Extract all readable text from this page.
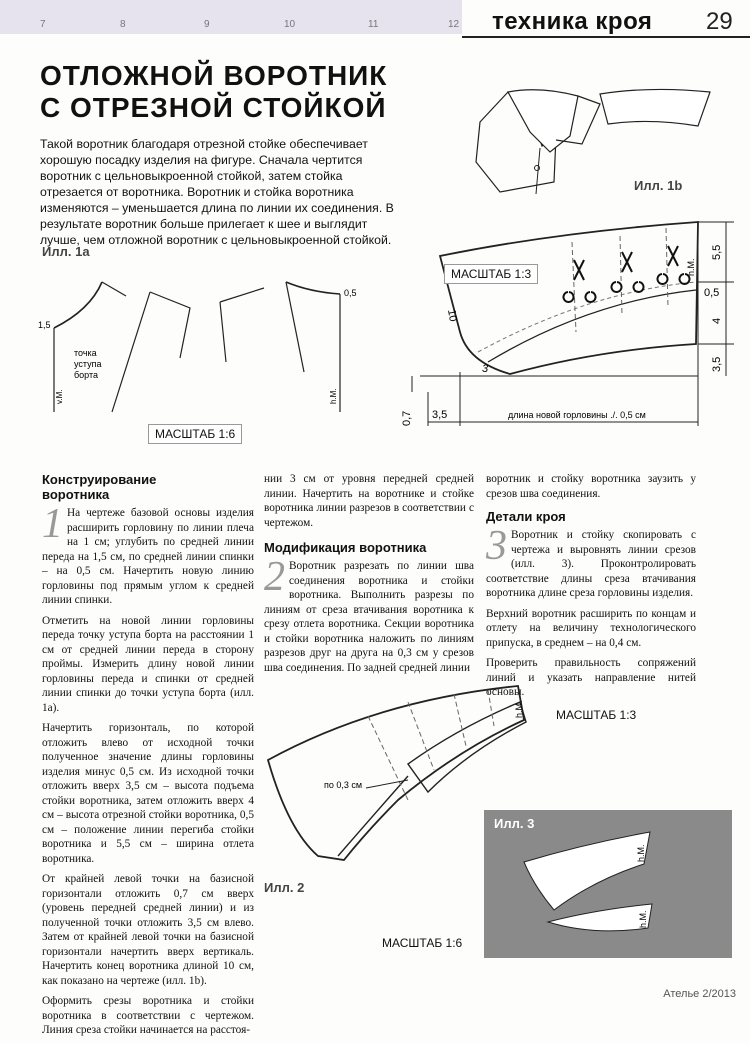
7	8	9	10	11	12 техника кроя 29
ОТЛОЖНОЙ ВОРОТНИК
С ОТРЕЗНОЙ СТОЙКОЙ
Такой воротник благодаря отрезной стойке обеспечивает хорошую посадку изделия на фигуре. Сначала чертится воротник с цельновыкроенной стойкой, затем стойка отрезается от воротника. Воротник и стойка воротника изменяются – уменьшается длина по линии их соединения. В результате воротник больше прилегает к шее и выглядит лучше, чем отложной воротник с цельновыкроенной стойкой.
Илл. 1b
Илл. 1а
1,5
0,5
точка
уступа
борта
v.M.	h.M.
МАСШТАБ 1:6
5,5
0,5
4
3,5
0,7 3,5
10
3
длина новой горловины ./. 0,5 см
h.M.
МАСШТАБ 1:3
Конструирование
воротника

1 На чертеже базовой основы изделия расширить горловину по линии плеча на 1 см; углубить по средней линии переда на 1,5 см, по средней линии спинки – на 0,5 см. Начертить новую линию горловины под прямым углом к средней линии спинки.

Отметить на новой линии горловины переда точку уступа борта на расстоянии 1 см от средней линии переда в сторону проймы. Измерить длину новой линии горловины переда и спинки от средней линии спинки до точки уступа борта (илл. 1а).

Начертить горизонталь, по которой отложить влево от исходной точки полученное значение длины горловины изделия минус 0,5 см. Из исходной точки отложить вверх 3,5 см – высота подъема стойки воротника, затем отложить вверх 4 см – высота отрезной стойки воротника, 0,5 см – положение линии перегиба стойки воротника и 5,5 см – ширина отлета воротника.

От крайней левой точки на базисной горизонтали отложить 0,7 см вверх (уровень передней средней линии) и из полученной точки отложить 3,5 см влево. Затем от крайней левой точки на базисной горизонтали начертить вверх вертикаль. Начертить конец воротника длиной 10 см, как показано на чертеже (илл. 1b).

Оформить срезы воротника и стойки воротника в соответствии с чертежом. Линия среза стойки начинается на расстоя-

нии 3 см от уровня передней средней линии. Начертить на воротнике и стойке воротника линии разрезов в соответствии с чертежом.

Модификация воротника

2 Воротник разрезать по линии шва соединения воротника и стойки воротника. Выполнить разрезы по линиям от среза втачивания воротника к срезу отлета воротника. Секции воротника и стойки воротника наложить по линиям разрезов друг на друга на 0,3 см у срезов шва соединения. По задней средней линии

воротник и стойку воротника заузить у срезов шва соединения.

Детали кроя

3 Воротник и стойку скопировать с чертежа и выровнять линии срезов (илл. 3). Проконтролировать соответствие длины среза втачивания воротника длине среза горловины изделия.

Верхний воротник расширить по концам и отлету на величину технологического припуска, в среднем – на 0,4 см.

Проверить правильность сопряжений линий и указать направление нитей основы.

по 0,3 см
h.M.	МАСШТАБ 1:3
Илл. 2
Илл. 3
h.M.
h.M.
МАСШТАБ 1:6
Ателье 2/2013
